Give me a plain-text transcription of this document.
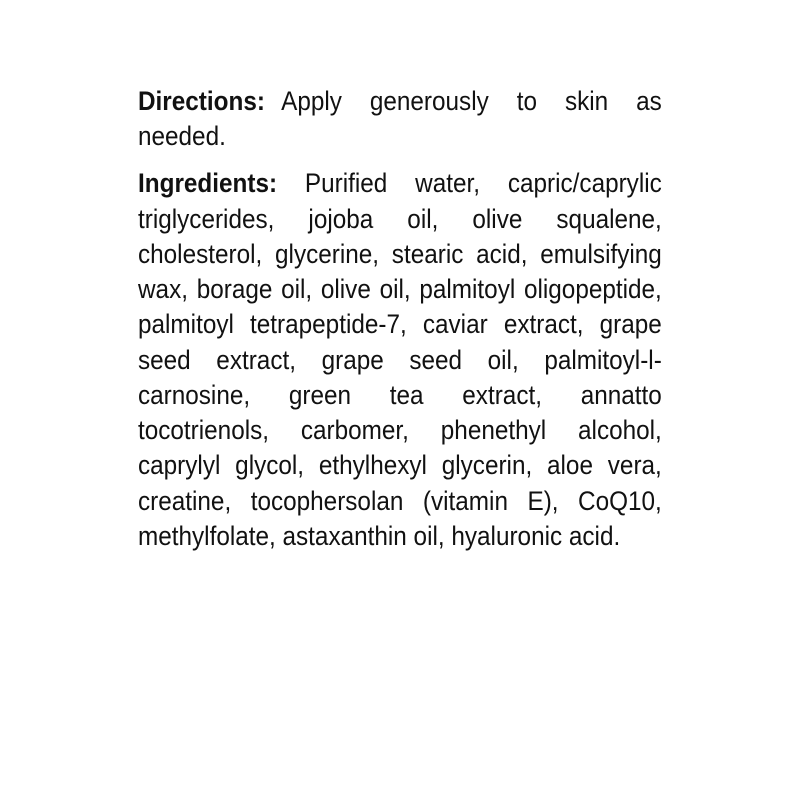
Directions: Apply generously to skin as needed.

Ingredients: Purified water, capric/caprylic triglycerides, jojoba oil, olive squalene, cholesterol, glycerine, stearic acid, emulsifying wax, borage oil, olive oil, palmitoyl oligopeptide, palmitoyl tetrapeptide-7, caviar extract, grape seed extract, grape seed oil, palmitoyl-l-carnosine, green tea extract, annatto tocotrienols, carbomer, phenethyl alcohol, caprylyl glycol, ethylhexyl glycerin, aloe vera, creatine, tocophersolan (vitamin E), CoQ10, methylfolate, astaxanthin oil, hyaluronic acid.
